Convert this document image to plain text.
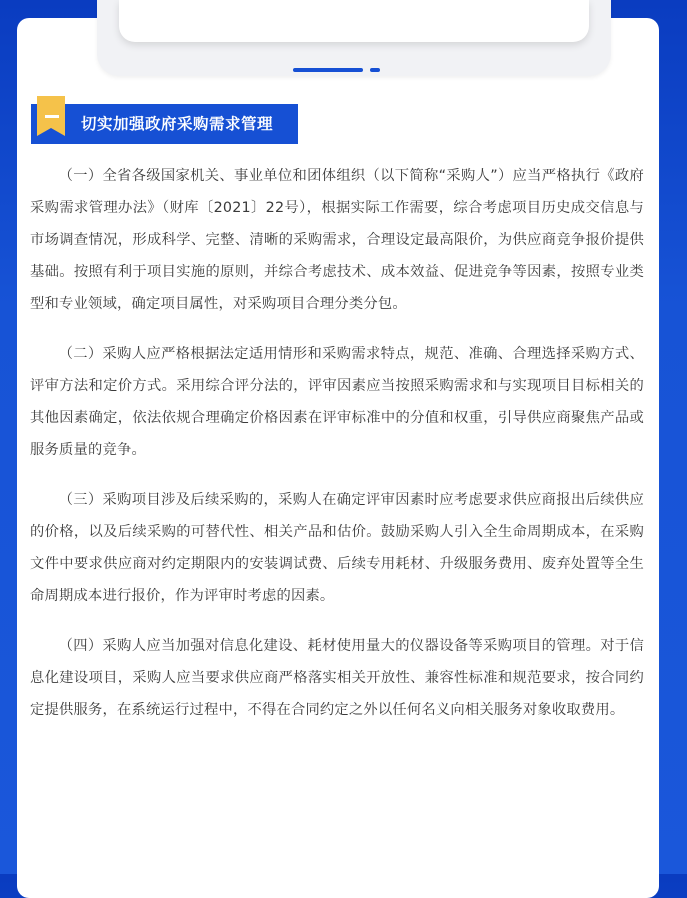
切实加强政府采购需求管理

（一）全省各级国家机关、事业单位和团体组织（以下简称“采购人”）应当严格执行《政府采购需求管理办法》（财库〔2021〕22号），根据实际工作需要，综合考虑项目历史成交信息与市场调查情况，形成科学、完整、清晰的采购需求，合理设定最高限价，为供应商竞争报价提供基础。按照有利于项目实施的原则，并综合考虑技术、成本效益、促进竞争等因素，按照专业类型和专业领域，确定项目属性，对采购项目合理分类分包。

（二）采购人应严格根据法定适用情形和采购需求特点，规范、准确、合理选择采购方式、评审方法和定价方式。采用综合评分法的，评审因素应当按照采购需求和与实现项目目标相关的其他因素确定，依法依规合理确定价格因素在评审标准中的分值和权重，引导供应商聚焦产品或服务质量的竞争。

（三）采购项目涉及后续采购的，采购人在确定评审因素时应考虑要求供应商报出后续供应的价格，以及后续采购的可替代性、相关产品和估价。鼓励采购人引入全生命周期成本，在采购文件中要求供应商对约定期限内的安装调试费、后续专用耗材、升级服务费用、废弃处置等全生命周期成本进行报价，作为评审时考虑的因素。

（四）采购人应当加强对信息化建设、耗材使用量大的仪器设备等采购项目的管理。对于信息化建设项目，采购人应当要求供应商严格落实相关开放性、兼容性标准和规范要求，按合同约定提供服务，在系统运行过程中，不得在合同约定之外以任何名义向相关服务对象收取费用。
